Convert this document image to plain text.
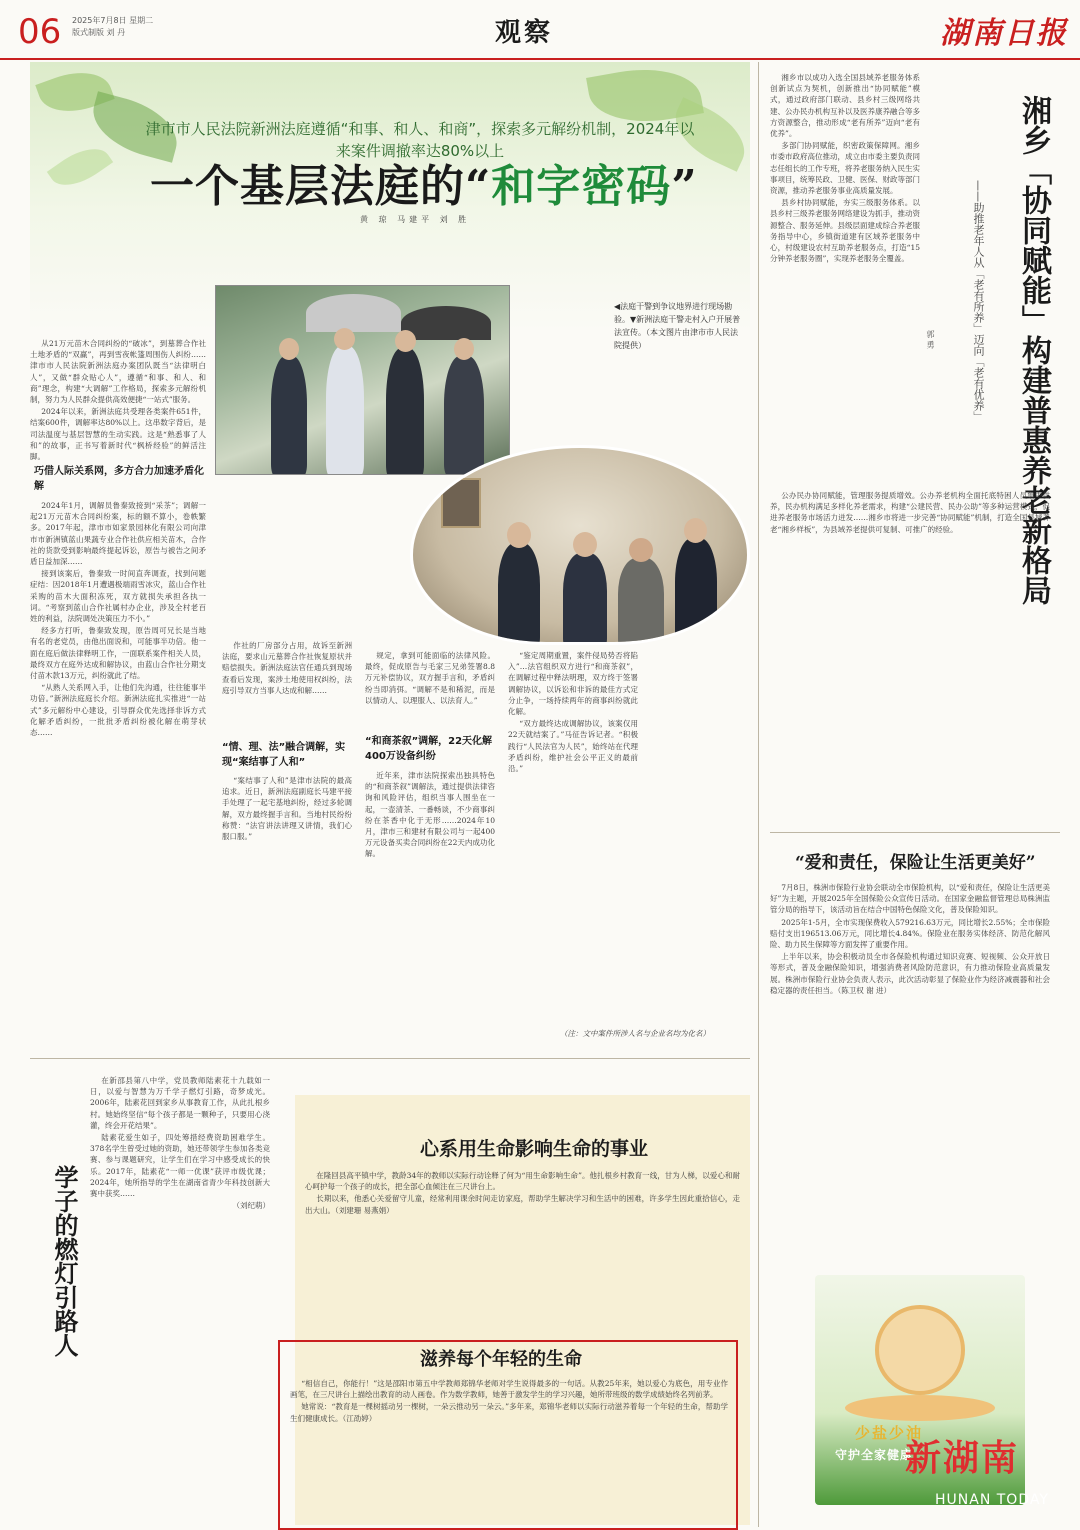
06 2025年7月8日 星期二
版式制版 刘 丹	观察	湖南日报
津市市人民法院新洲法庭遵循“和事、和人、和商”，探索多元解纷机制，2024年以来案件调撤率达80%以上
一个基层法庭的“和字密码”
黄 琼 马建平 刘 胜
◀法庭干警到争议地界进行现场勘验。▼新洲法庭干警走村入户开展普法宣传。（本文图片由津市市人民法院提供）

从21万元苗木合同纠纷的“破冰”，到墓葬合作社土地矛盾的“双赢”，再到雪夜帐篷周围伤人纠纷……津市市人民法院新洲法庭办案团队既当“法律明白人”，又做“群众贴心人”，遵循“和事、和人、和商”理念，构建“大调解”工作格局，探索多元解纷机制，努力为人民群众提供高效便捷“一站式”服务。

2024年以来，新洲法庭共受理各类案件651件，结案600件，调解率达80%以上。这串数字背后，是司法温度与基层智慧的生动实践。这是“熟悉事了人和”的故事，正书写着新时代“枫桥经验”的鲜活注脚。

巧借人际关系网，多方合力加速矛盾化解

2024年1月，调解员鲁秦致接到“采茶”；调解一起21万元苗木合同纠纷案，标的额不算小，卷帙繁多。2017年起，津市市如家景园林化有限公司向津市市新洲镇蓝山果蔬专业合作社供应相关苗木，合作社的货款受到影响最终提起诉讼，原告与被告之间矛盾日益加深……

接到该案后，鲁秦致一时间直奔调查，找到问题症结：因2018年1月遭遇极端雨雪冰灾，蓝山合作社采购的苗木大面积冻死，双方就损失承担各执一词。“考察到蓝山合作社属村办企业，涉及全村老百姓的利益，法院调处决策压力不小。”

经多方打听，鲁秦致发现，原告周可兄长是当地有名的老党员，由他出面说和，可能事半功倍。他一面在庭后做法律释明工作，一面联系案件相关人员，最终双方在庭外达成和解协议，由蓝山合作社分期支付苗木款13万元，纠纷就此了结。

“从熟人关系网入手，让他们先沟通，往往能事半功倍。”新洲法庭庭长介绍。新洲法庭扎实推进“一站式”多元解纷中心建设，引导群众优先选择非诉方式化解矛盾纠纷，一批批矛盾纠纷被化解在萌芽状态……

作社的厂房部分占用，故诉至新洲法庭，要求山元墓葬合作社恢复原状并赔偿损失。新洲法庭法官任通兵到现场查看后发现，案涉土地使用权纠纷，法庭引导双方当事人达成和解……

“情、理、法”融合调解，实现“案结事了人和”

“案结事了人和”是津市法院的最高追求。近日，新洲法庭副庭长马建平接手处理了一起宅基地纠纷，经过多轮调解，双方最终握手言和。当地村民纷纷称赞：“法官讲法讲理又讲情，我们心服口服。”

规定，拿到可能面临的法律风险。最终，促成原告与毛家三兄弟签署8.8万元补偿协议，双方握手言和，矛盾纠纷当即消弭。“调解不是和稀泥，而是以情动人、以理服人、以法育人。”

“和商茶叙”调解，22天化解400万设备纠纷

近年来，津市法院探索出独具特色的“和商茶叙”调解法，通过提供法律咨询和风险评估，组织当事人围坐在一起，一壶清茶、一番畅谈，不少商事纠纷在茶香中化于无形……2024年10月，津市三和建材有限公司与一起400万元设备买卖合同纠纷在22天内成功化解。

“鉴定周期重置，案件侵局势否将陷入”…法官组织双方进行“和商茶叙”，在调解过程中释法明理，双方终于签署调解协议，以诉讼和非诉的最佳方式定分止争，一场持续两年的商事纠纷就此化解。

“双方最终达成调解协议，该案仅用22天就结案了。”马征告诉记者。“积极践行“人民法官为人民”，始终站在代理矛盾纠纷，维护社会公平正义的最前沿。”

（注：文中案件所涉人名与企业名均为化名）
湘乡「协同赋能」构建普惠养老新格局
——助推老年人从「老有所养」迈向「老有优养」
郭 勇

湘乡市以成功入选全国县域养老服务体系创新试点为契机，创新推出“协同赋能”模式，通过政府部门联动、县乡村三级网络共建、公办民办机构互补以及医养康养融合等多方资源整合，推动形成“老有所养”迈向“老有优养”。

多部门协同赋能，织密政策保障网。湘乡市委市政府高位推动，成立由市委主要负责同志任组长的工作专班，将养老服务纳入民生实事项目，统筹民政、卫健、医保、财政等部门资源，推动养老服务事业高质量发展。

县乡村协同赋能，夯实三级服务体系。以县乡村三级养老服务网络建设为抓手，推动资源整合、服务延伸。县级层面建成综合养老服务指导中心，乡镇街道建有区域养老服务中心，村级建设农村互助养老服务点，打造“15分钟养老服务圈”，实现养老服务全覆盖。

公办民办协同赋能，管理服务提质增效。公办养老机构全面托底特困人员集中供养，民办机构满足多样化养老需求，构建“公建民营、民办公助”等多种运营模式，促进养老服务市场活力迸发……湘乡市将进一步完善“协同赋能”机制，打造全国县域养老“湘乡样板”，为县域养老提供可复制、可推广的经验。

“爱和责任，保险让生活更美好”

7月8日，株洲市保险行业协会联动全市保险机构，以“爱和责任，保险让生活更美好”为主题，开展2025年全国保险公众宣传日活动。在国家金融监督管理总局株洲监管分局的指导下，该活动旨在结合中国特色保险文化，普及保险知识。

2025年1-5月，全市实现保费收入579216.63万元，同比增长2.55%；全市保险赔付支出196513.06万元，同比增长4.84%。保险业在服务实体经济、防范化解风险、助力民生保障等方面发挥了重要作用。

上半年以来，协会积极动员全市各保险机构通过知识竞赛、短视频、公众开放日等形式，普及金融保险知识，增强消费者风险防范意识，有力推动保险业高质量发展。株洲市保险行业协会负责人表示，此次活动彰显了保险业作为经济减震器和社会稳定器的责任担当。（陈卫权 谢 进）

少盐少油
守护全家健康
新湖南
HUNAN TODAY
学子的燃灯引路人

在新邵县第八中学，党员教师陆素花十九载如一日，以爱与智慧为万千学子燃灯引路，奇梦成光。2006年，陆素花回到家乡从事教育工作，从此扎根乡村。她始终坚信“每个孩子都是一颗种子，只要用心浇灌，终会开花结果”。

陆素花爱生如子，四处筹措经费资助困难学生。378名学生曾受过她的资助，她还带领学生参加各类竞赛、参与课题研究，让学生们在学习中感受成长的快乐。2017年，陆素花“一师一优课”获评市级优课；2024年，她所指导的学生在湖南省青少年科技创新大赛中获奖……

（刘纪萌）

心系用生命影响生命的事业

在隆回县高平镇中学，教龄34年的教师以实际行动诠释了何为“用生命影响生命”。他扎根乡村教育一线，甘为人梯，以爱心和耐心呵护每一个孩子的成长，把全部心血倾注在三尺讲台上。

长期以来，他悉心关爱留守儿童，经常利用课余时间走访家庭，帮助学生解决学习和生活中的困难，许多学生因此重拾信心，走出大山。（刘建珊 易燕娟）

滋养每个年轻的生命

“相信自己，你能行！”这是邵阳市第五中学教师郑锦华老师对学生说得最多的一句话。从教25年来，她以爱心为底色，用专业作画笔，在三尺讲台上描绘出教育的动人画卷。作为数学教师，她善于激发学生的学习兴趣，她所带班级的数学成绩始终名列前茅。

她常说：“教育是一棵树摇动另一棵树，一朵云推动另一朵云。”多年来，郑锦华老师以实际行动滋养着每一个年轻的生命，帮助学生们健康成长。（江劭婷）
